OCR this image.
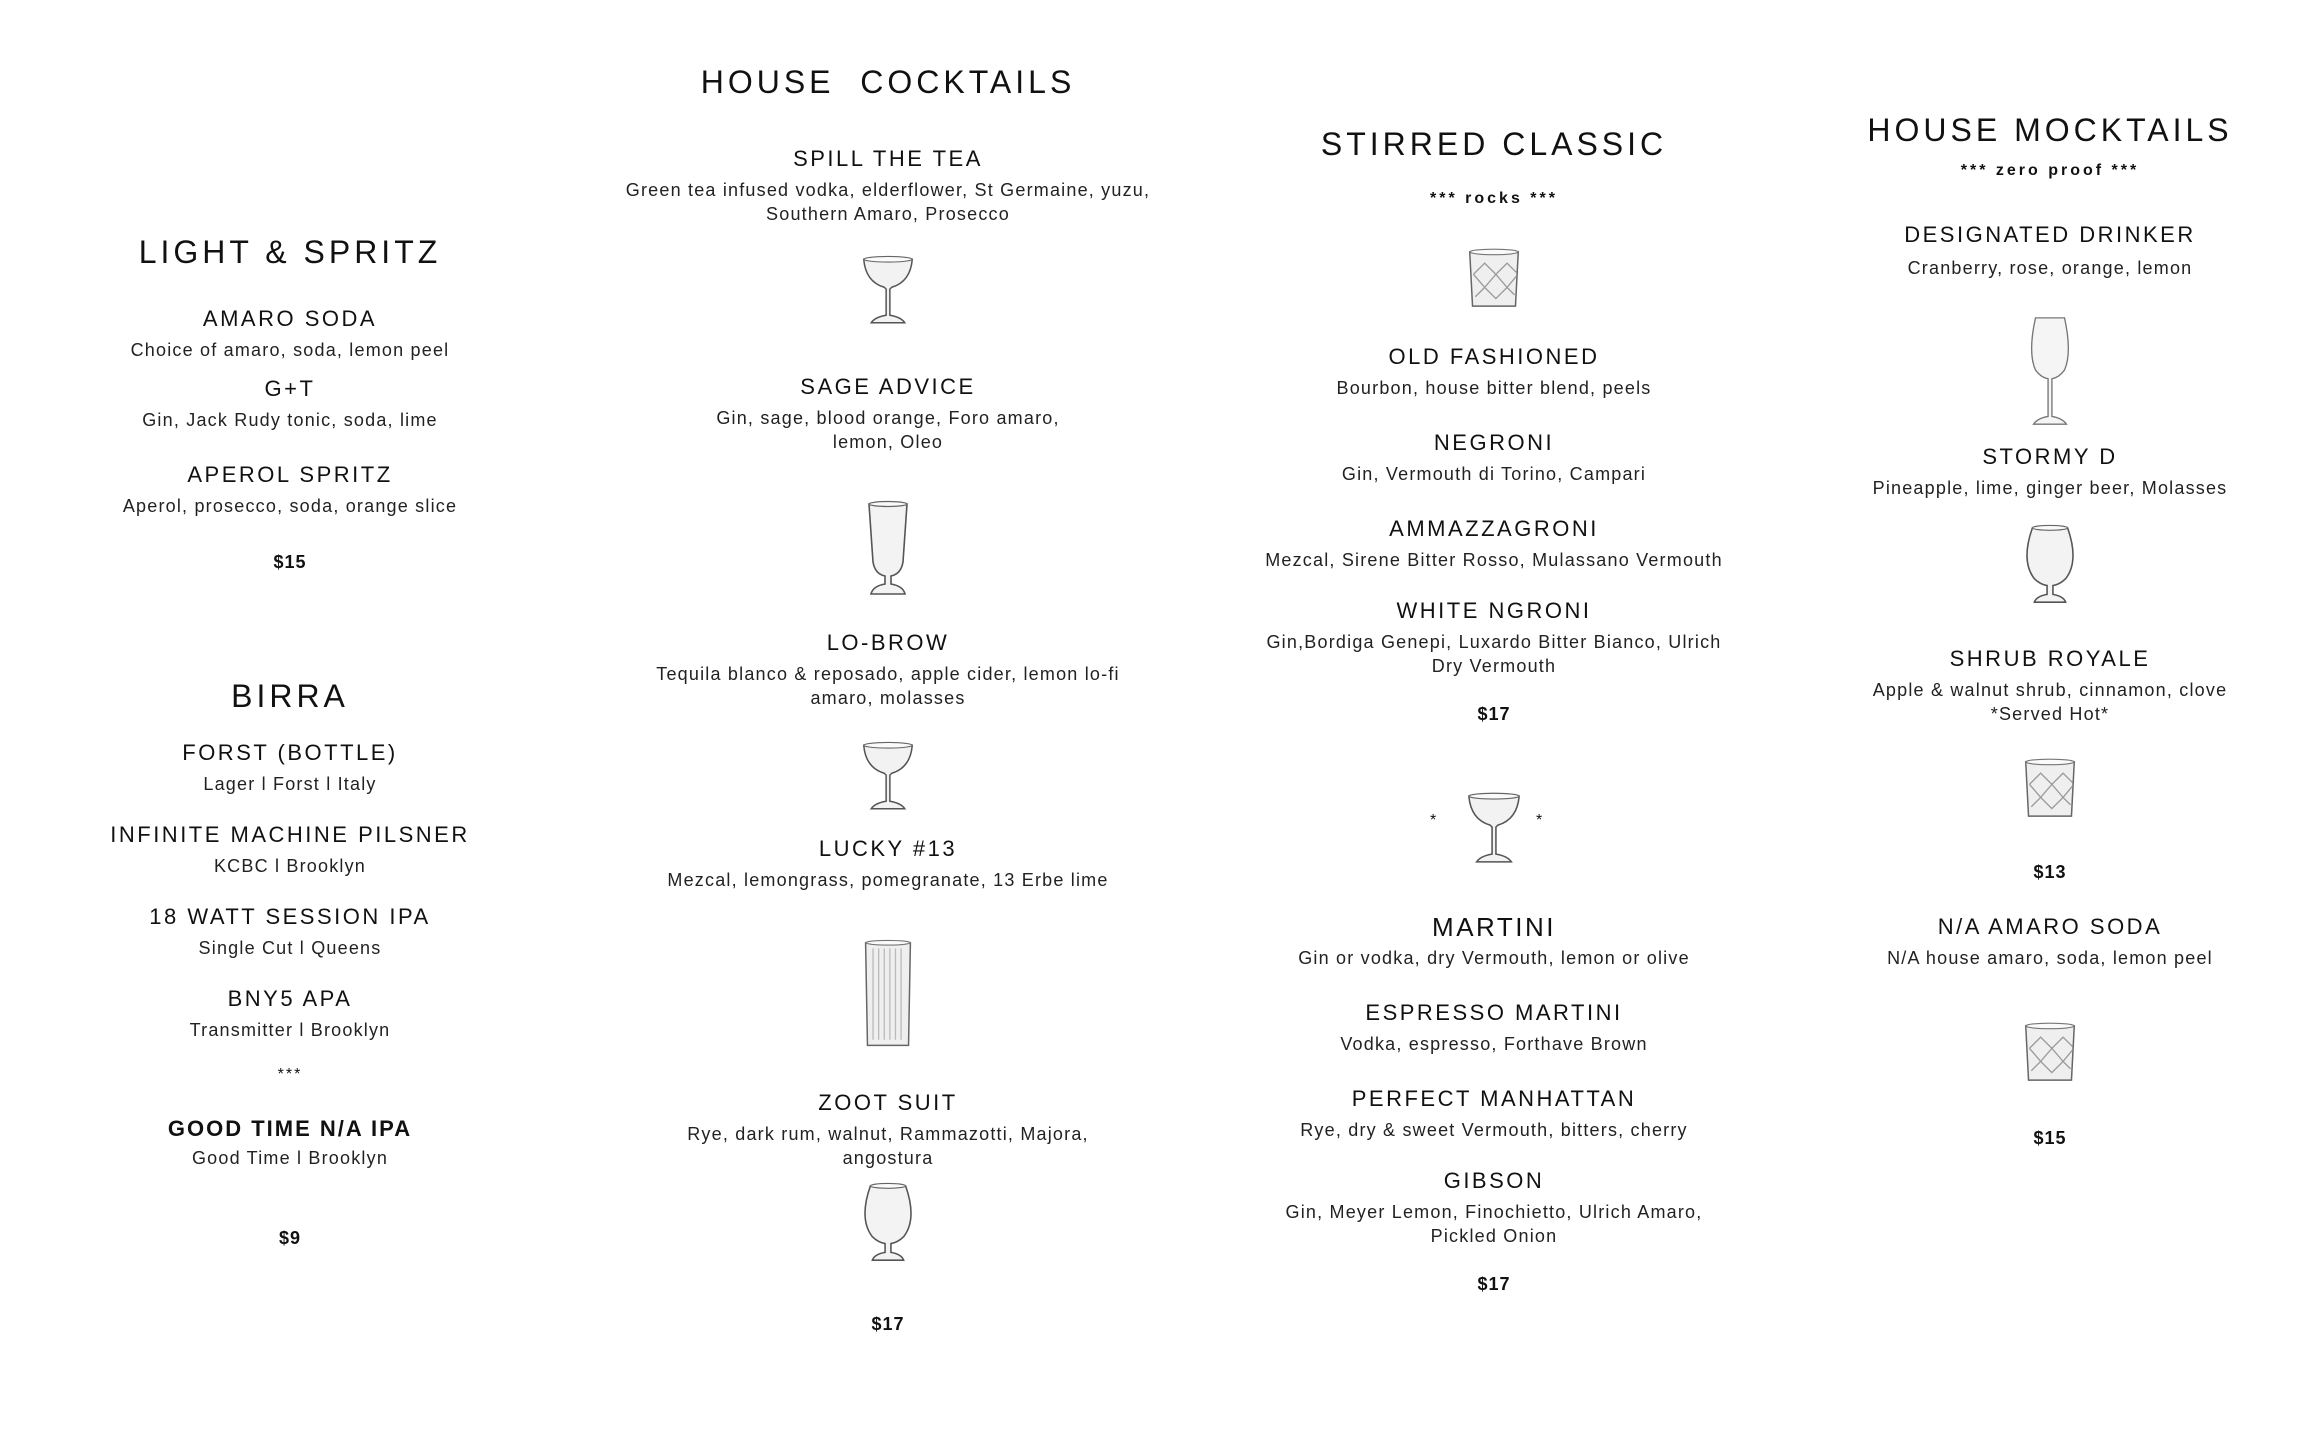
LIGHT & SPRITZ
AMARO SODA
Choice of amaro, soda, lemon peel
G+T
Gin, Jack Rudy tonic, soda, lime
APEROL SPRITZ
Aperol, prosecco, soda, orange slice
$15
BIRRA
FORST (BOTTLE)
Lager l Forst l Italy
INFINITE MACHINE PILSNER
KCBC l Brooklyn
18 WATT SESSION IPA
Single Cut l Queens
BNY5 APA
Transmitter l Brooklyn
***
GOOD TIME N/A IPA
Good Time l Brooklyn
$9
HOUSE  COCKTAILS
SPILL THE TEA
Green tea infused vodka, elderflower, St Germaine, yuzu, Southern Amaro, Prosecco
SAGE ADVICE
Gin, sage, blood orange, Foro amaro, lemon, Oleo
LO-BROW
Tequila blanco & reposado, apple cider, lemon lo-fi amaro, molasses
LUCKY #13
Mezcal, lemongrass, pomegranate, 13 Erbe lime
ZOOT SUIT
Rye, dark rum, walnut, Rammazotti, Majora, angostura
$17
STIRRED CLASSIC
*** rocks ***
OLD FASHIONED
Bourbon, house bitter blend, peels
NEGRONI
Gin, Vermouth di Torino, Campari
AMMAZZAGRONI
Mezcal, Sirene Bitter Rosso, Mulassano Vermouth
WHITE NGRONI
Gin,Bordiga Genepi, Luxardo Bitter Bianco, Ulrich Dry Vermouth
$17
*	*
MARTINI
Gin or vodka, dry Vermouth, lemon or olive
ESPRESSO MARTINI
Vodka, espresso, Forthave Brown
PERFECT MANHATTAN
Rye, dry & sweet Vermouth, bitters, cherry
GIBSON
Gin, Meyer Lemon, Finochietto, Ulrich Amaro, Pickled Onion
$17
HOUSE MOCKTAILS
*** zero proof ***
DESIGNATED DRINKER
Cranberry, rose, orange, lemon
STORMY D
Pineapple, lime, ginger beer, Molasses
SHRUB ROYALE
Apple & walnut shrub, cinnamon, clove *Served Hot*
$13
N/A AMARO SODA
N/A house amaro, soda, lemon peel
$15
